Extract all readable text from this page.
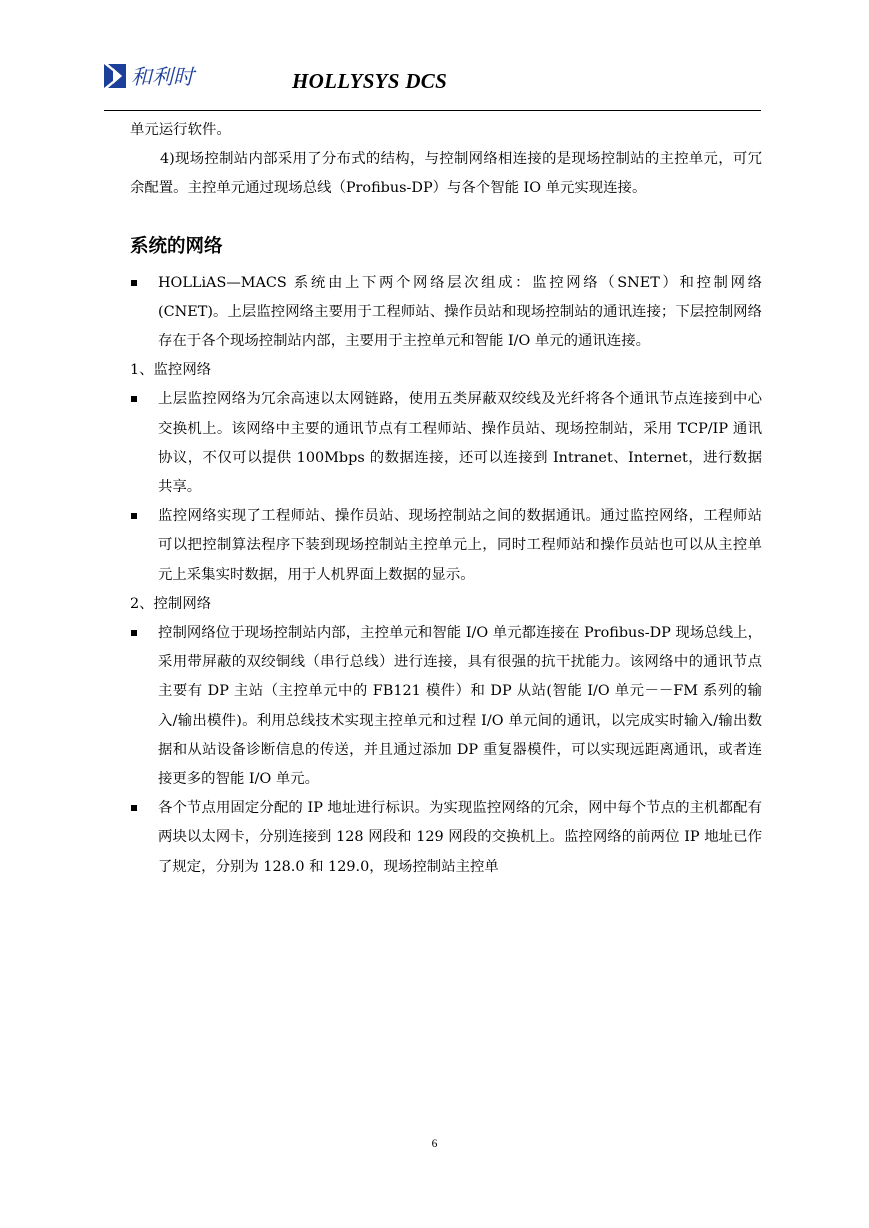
和利时	HOLLYSYS DCS

单元运行软件。

4)现场控制站内部采用了分布式的结构，与控制网络相连接的是现场控制站的主控单元，可冗余配置。主控单元通过现场总线（Profibus-DP）与各个智能 IO 单元实现连接。

系统的网络
HOLLiAS—MACS 系统由上下两个网络层次组成：监控网络（SNET）和控制网络(CNET)。上层监控网络主要用于工程师站、操作员站和现场控制站的通讯连接；下层控制网络存在于各个现场控制站内部，主要用于主控单元和智能 I/O 单元的通讯连接。

1、监控网络

上层监控网络为冗余高速以太网链路，使用五类屏蔽双绞线及光纤将各个通讯节点连接到中心交换机上。该网络中主要的通讯节点有工程师站、操作员站、现场控制站，采用 TCP/IP 通讯协议，不仅可以提供 100Mbps 的数据连接，还可以连接到 Intranet、Internet，进行数据共享。
监控网络实现了工程师站、操作员站、现场控制站之间的数据通讯。通过监控网络，工程师站可以把控制算法程序下装到现场控制站主控单元上，同时工程师站和操作员站也可以从主控单元上采集实时数据，用于人机界面上数据的显示。

2、控制网络

控制网络位于现场控制站内部，主控单元和智能 I/O 单元都连接在 Profibus-DP 现场总线上，采用带屏蔽的双绞铜线（串行总线）进行连接，具有很强的抗干扰能力。该网络中的通讯节点主要有 DP 主站（主控单元中的 FB121 模件）和 DP 从站(智能 I/O 单元－－FM 系列的输入/输出模件)。利用总线技术实现主控单元和过程 I/O 单元间的通讯，以完成实时输入/输出数据和从站设备诊断信息的传送，并且通过添加 DP 重复器模件，可以实现远距离通讯，或者连接更多的智能 I/O 单元。
各个节点用固定分配的 IP 地址进行标识。为实现监控网络的冗余，网中每个节点的主机都配有两块以太网卡，分别连接到 128 网段和 129 网段的交换机上。监控网络的前两位 IP 地址已作了规定，分别为 128.0 和 129.0，现场控制站主控单
6
